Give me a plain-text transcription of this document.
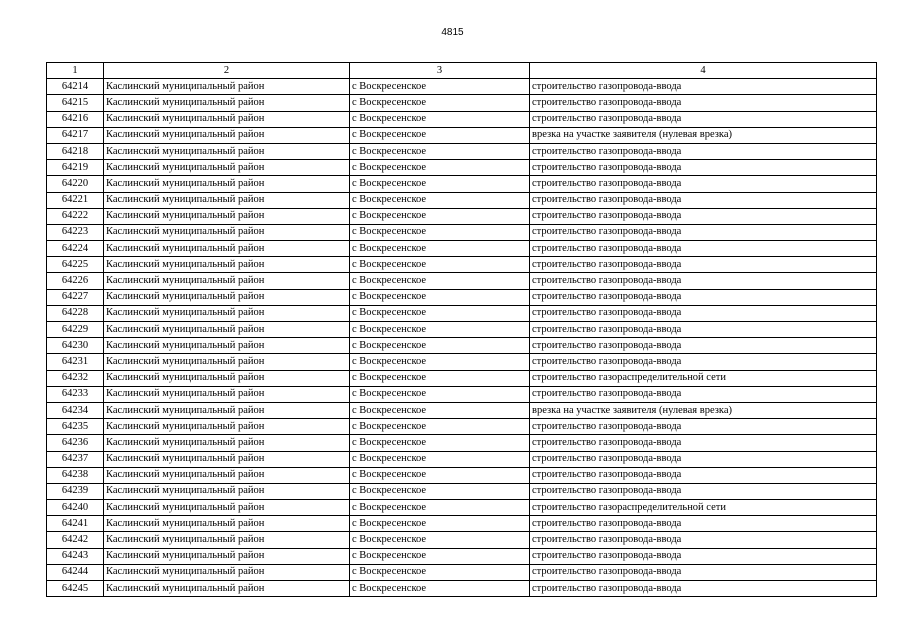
4815
1	2	3	4
64214	Каслинский муниципальный район	с Воскресенское	строительство газопровода-ввода
64215	Каслинский муниципальный район	с Воскресенское	строительство газопровода-ввода
64216	Каслинский муниципальный район	с Воскресенское	строительство газопровода-ввода
64217	Каслинский муниципальный район	с Воскресенское	врезка на участке заявителя (нулевая врезка)
64218	Каслинский муниципальный район	с Воскресенское	строительство газопровода-ввода
64219	Каслинский муниципальный район	с Воскресенское	строительство газопровода-ввода
64220	Каслинский муниципальный район	с Воскресенское	строительство газопровода-ввода
64221	Каслинский муниципальный район	с Воскресенское	строительство газопровода-ввода
64222	Каслинский муниципальный район	с Воскресенское	строительство газопровода-ввода
64223	Каслинский муниципальный район	с Воскресенское	строительство газопровода-ввода
64224	Каслинский муниципальный район	с Воскресенское	строительство газопровода-ввода
64225	Каслинский муниципальный район	с Воскресенское	строительство газопровода-ввода
64226	Каслинский муниципальный район	с Воскресенское	строительство газопровода-ввода
64227	Каслинский муниципальный район	с Воскресенское	строительство газопровода-ввода
64228	Каслинский муниципальный район	с Воскресенское	строительство газопровода-ввода
64229	Каслинский муниципальный район	с Воскресенское	строительство газопровода-ввода
64230	Каслинский муниципальный район	с Воскресенское	строительство газопровода-ввода
64231	Каслинский муниципальный район	с Воскресенское	строительство газопровода-ввода
64232	Каслинский муниципальный район	с Воскресенское	строительство газораспределительной сети
64233	Каслинский муниципальный район	с Воскресенское	строительство газопровода-ввода
64234	Каслинский муниципальный район	с Воскресенское	врезка на участке заявителя (нулевая врезка)
64235	Каслинский муниципальный район	с Воскресенское	строительство газопровода-ввода
64236	Каслинский муниципальный район	с Воскресенское	строительство газопровода-ввода
64237	Каслинский муниципальный район	с Воскресенское	строительство газопровода-ввода
64238	Каслинский муниципальный район	с Воскресенское	строительство газопровода-ввода
64239	Каслинский муниципальный район	с Воскресенское	строительство газопровода-ввода
64240	Каслинский муниципальный район	с Воскресенское	строительство газораспределительной сети
64241	Каслинский муниципальный район	с Воскресенское	строительство газопровода-ввода
64242	Каслинский муниципальный район	с Воскресенское	строительство газопровода-ввода
64243	Каслинский муниципальный район	с Воскресенское	строительство газопровода-ввода
64244	Каслинский муниципальный район	с Воскресенское	строительство газопровода-ввода
64245	Каслинский муниципальный район	с Воскресенское	строительство газопровода-ввода
